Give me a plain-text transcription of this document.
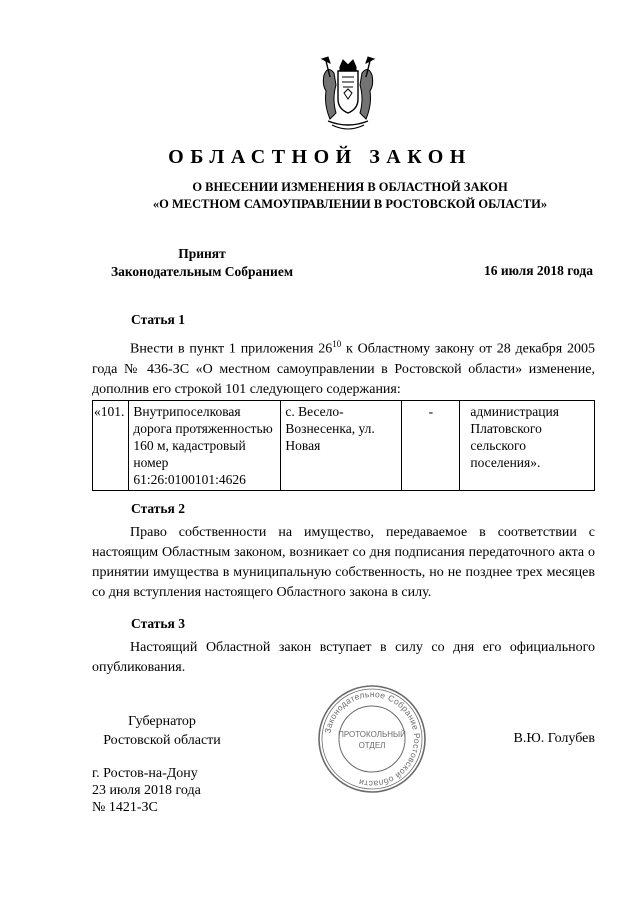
ОБЛАСТНОЙ ЗАКОН
О ВНЕСЕНИИ ИЗМЕНЕНИЯ В ОБЛАСТНОЙ ЗАКОН
«О МЕСТНОМ САМОУПРАВЛЕНИИ В РОСТОВСКОЙ ОБЛАСТИ»
Принят
Законодательным Собранием	16 июля 2018 года
Статья 1
Внести в пункт 1 приложения $26^{10}$ к Областному закону от 28 декабря 2005 года № 436-ЗС «О местном самоуправлении в Ростовской области» изменение, дополнив его строкой 101 следующего содержания:
«101.	Внутрипоселковая дорога протяженностью 160 м, кадастровый номер 61:26:0100101:4626	с. Весело-Вознесенка, ул. Новая	-	администрация Платовского сельского поселения».
Статья 2
Право собственности на имущество, передаваемое в соответствии с настоящим Областным законом, возникает со дня подписания передаточного акта о принятии имущества в муниципальную собственность, но не позднее трех месяцев со дня вступления настоящего Областного закона в силу.
Статья 3
Настоящий Областной закон вступает в силу со дня его официального опубликования.
Губернатор
Ростовской области	В.Ю. Голубев
Законодательное Собрание Ростовской области
ПРОТОКОЛЬНЫЙ
ОТДЕЛ
г. Ростов-на-Дону
23 июля 2018 года
№ 1421-ЗС
